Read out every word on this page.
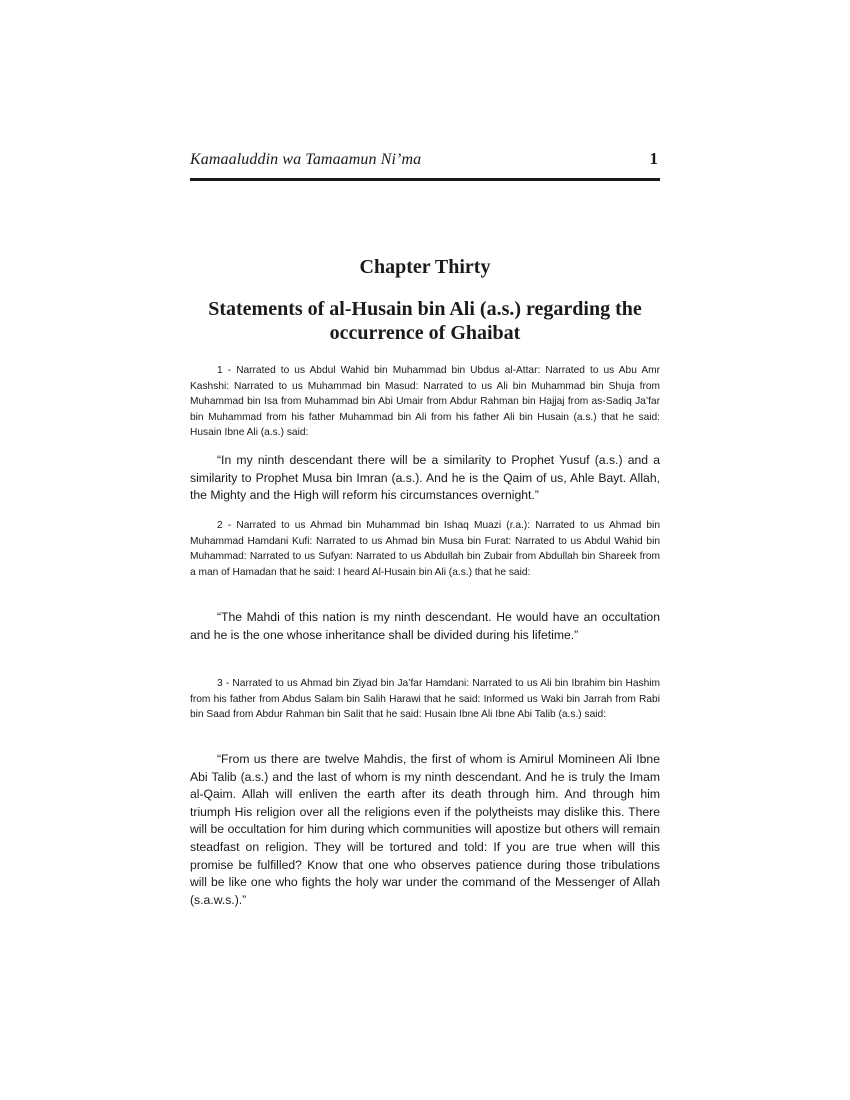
Kamaaluddin wa Tamaamun Ni’ma	1
Chapter Thirty
Statements of al-Husain bin Ali (a.s.) regarding the occurrence of Ghaibat

1 - Narrated to us Abdul Wahid bin Muhammad bin Ubdus al-Attar: Narrated to us Abu Amr Kashshi: Narrated to us Muhammad bin Masud: Narrated to us Ali bin Muhammad bin Shuja from Muhammad bin Isa from Muhammad bin Abi Umair from Abdur Rahman bin Hajjaj from as-Sadiq Ja’far bin Muhammad from his father Muhammad bin Ali from his father Ali bin Husain (a.s.) that he said: Husain Ibne Ali (a.s.) said:

“In my ninth descendant there will be a similarity to Prophet Yusuf (a.s.) and a similarity to Prophet Musa bin Imran (a.s.). And he is the Qaim of us, Ahle Bayt. Allah, the Mighty and the High will reform his circumstances overnight.”

2 - Narrated to us Ahmad bin Muhammad bin Ishaq Muazi (r.a.): Narrated to us Ahmad bin Muhammad Hamdani Kufi: Narrated to us Ahmad bin Musa bin Furat: Narrated to us Abdul Wahid bin Muhammad: Narrated to us Sufyan: Narrated to us Abdullah bin Zubair from Abdullah bin Shareek from a man of Hamadan that he said: I heard Al-Husain bin Ali (a.s.) that he said:

“The Mahdi of this nation is my ninth descendant. He would have an occultation and he is the one whose inheritance shall be divided during his lifetime.”

3 - Narrated to us Ahmad bin Ziyad bin Ja’far Hamdani: Narrated to us Ali bin Ibrahim bin Hashim from his father from Abdus Salam bin Salih Harawi that he said: Informed us Waki bin Jarrah from Rabi bin Saad from Abdur Rahman bin Salit that he said: Husain Ibne Ali Ibne Abi Talib (a.s.) said:

“From us there are twelve Mahdis, the first of whom is Amirul Momineen Ali Ibne Abi Talib (a.s.) and the last of whom is my ninth descendant. And he is truly the Imam al-Qaim. Allah will enliven the earth after its death through him. And through him triumph His religion over all the religions even if the polytheists may dislike this. There will be occultation for him during which communities will apostize but others will remain steadfast on religion. They will be tortured and told: If you are true when will this promise be fulfilled? Know that one who observes patience during those tribulations will be like one who fights the holy war under the command of the Messenger of Allah (s.a.w.s.).”
